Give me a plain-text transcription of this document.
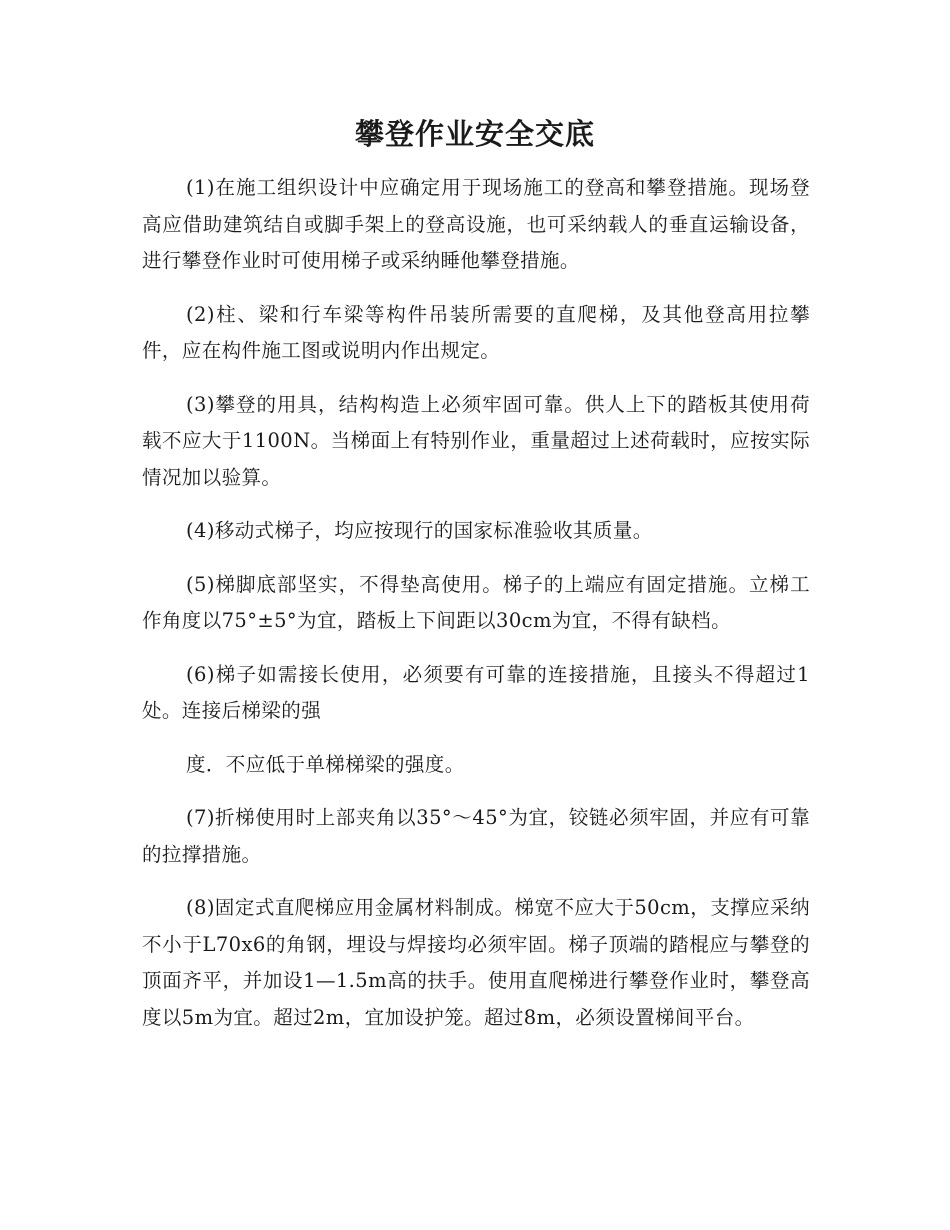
攀登作业安全交底

(1)在施工组织设计中应确定用于现场施工的登高和攀登措施。现场登高应借助建筑结自或脚手架上的登高设施，也可采纳载人的垂直运输设备，进行攀登作业时可使用梯子或采纳睡他攀登措施。

(2)柱、梁和行车梁等构件吊装所需要的直爬梯，及其他登高用拉攀件，应在构件施工图或说明内作出规定。

(3)攀登的用具，结构构造上必须牢固可靠。供人上下的踏板其使用荷载不应大于1100N。当梯面上有特别作业，重量超过上述荷载时，应按实际情况加以验算。

(4)移动式梯子，均应按现行的国家标准验收其质量。

(5)梯脚底部坚实，不得垫高使用。梯子的上端应有固定措施。立梯工作角度以75°±5°为宜，踏板上下间距以30cm为宜，不得有缺档。

(6)梯子如需接长使用，必须要有可靠的连接措施，且接头不得超过1处。连接后梯梁的强

度．不应低于单梯梯梁的强度。

(7)折梯使用时上部夹角以35°～45°为宜，铰链必须牢固，并应有可靠的拉撑措施。

(8)固定式直爬梯应用金属材料制成。梯宽不应大于50cm，支撑应采纳不小于L70x6的角钢，埋设与焊接均必须牢固。梯子顶端的踏棍应与攀登的顶面齐平，并加设1—1.5m高的扶手。使用直爬梯进行攀登作业时，攀登高度以5m为宜。超过2m，宜加设护笼。超过8m，必须设置梯间平台。
